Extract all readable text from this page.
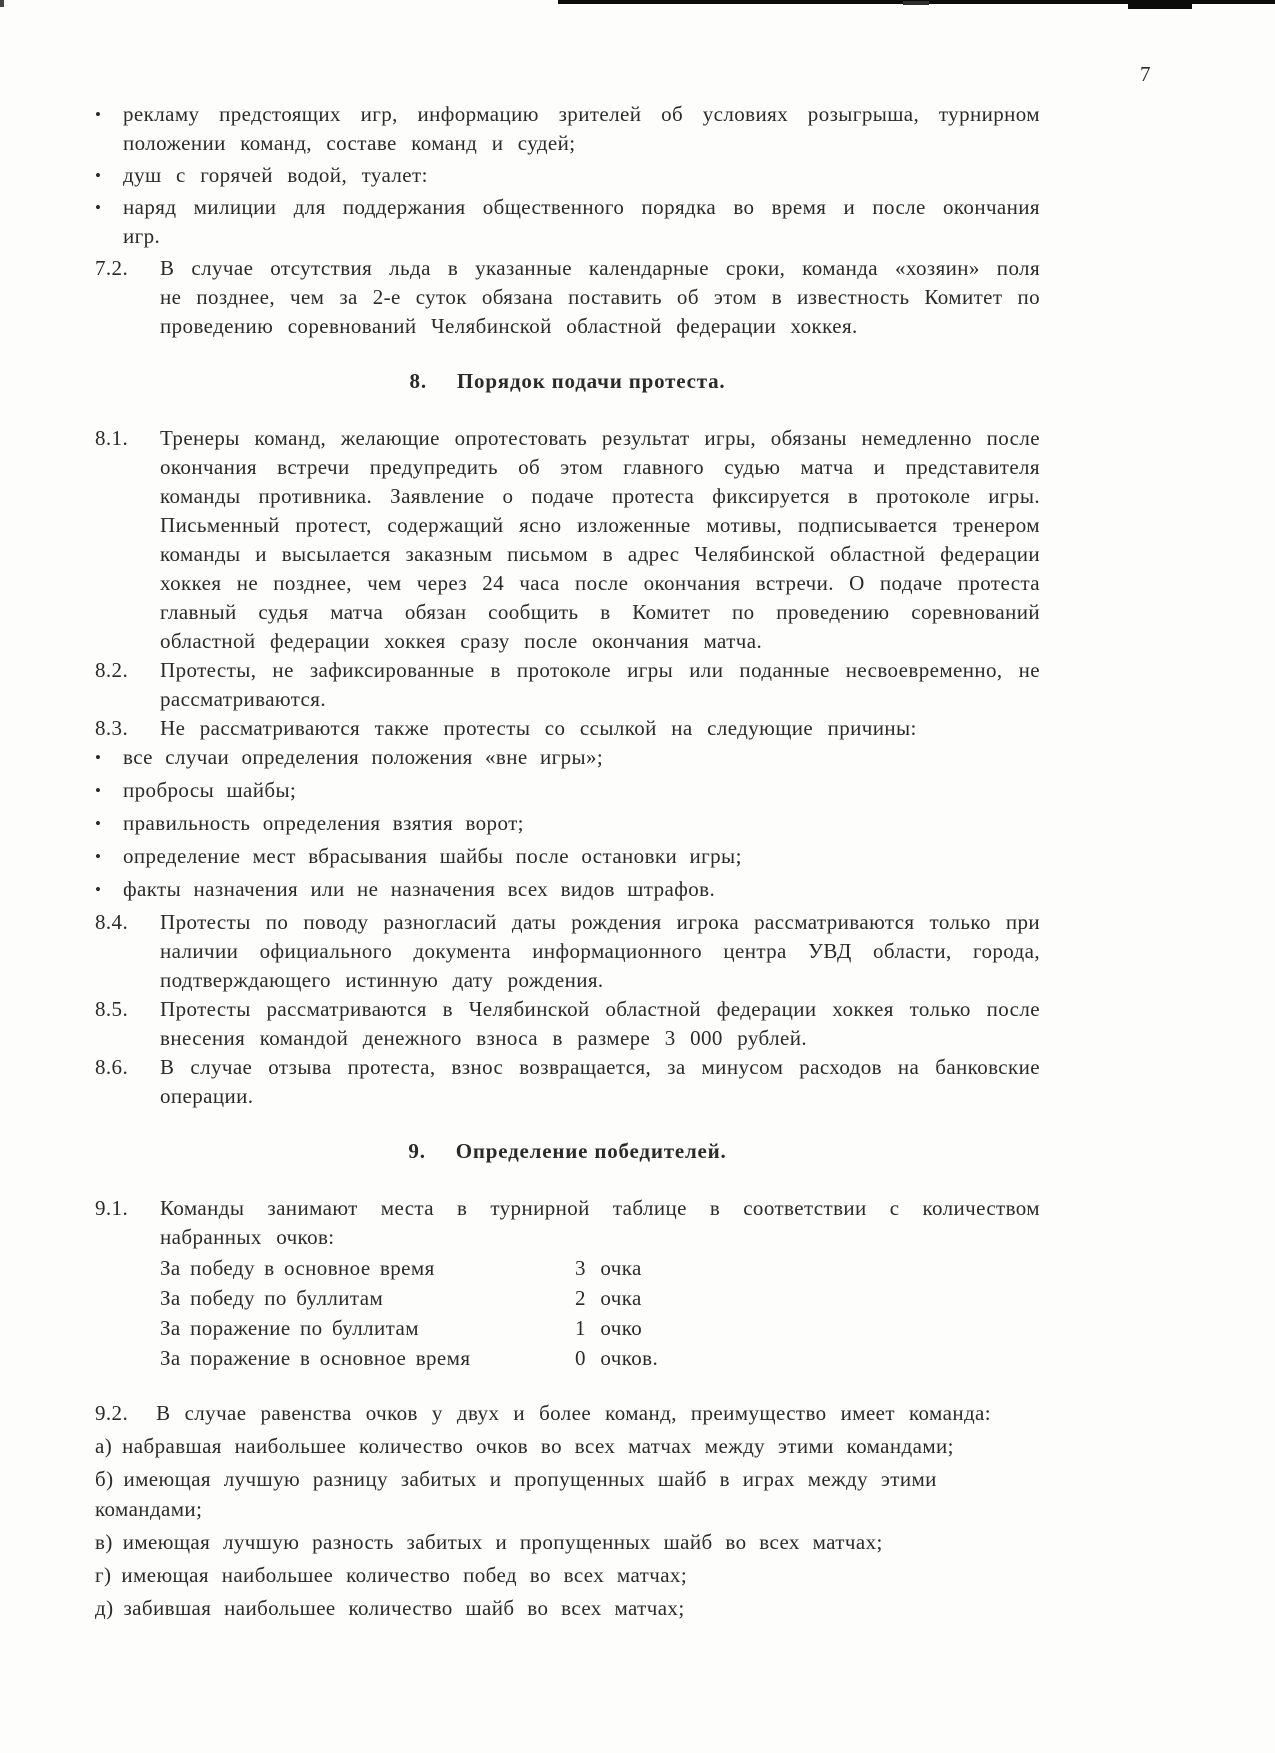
7
•	рекламу предстоящих игр, информацию зрителей об условиях розыгрыша, турнирном положении команд, составе команд и судей;
•	душ с горячей водой, туалет:
•	наряд милиции для поддержания общественного порядка во время и после окончания игр.
7.2.	В случае отсутствия льда в указанные календарные сроки, команда «хозяин» поля не позднее, чем за 2-е суток обязана поставить об этом в известность Комитет по проведению соревнований Челябинской областной федерации хоккея.
8. Порядок подачи протеста.
8.1.	Тренеры команд, желающие опротестовать результат игры, обязаны немедленно после окончания встречи предупредить об этом главного судью матча и представителя команды противника. Заявление о подаче протеста фиксируется в протоколе игры. Письменный протест, содержащий ясно изложенные мотивы, подписывается тренером команды и высылается заказным письмом в адрес Челябинской областной федерации хоккея не позднее, чем через 24 часа после окончания встречи. О подаче протеста главный судья матча обязан сообщить в Комитет по проведению соревнований областной федерации хоккея сразу после окончания матча.
8.2.	Протесты, не зафиксированные в протоколе игры или поданные несвоевременно, не рассматриваются.
8.3.	Не рассматриваются также протесты со ссылкой на следующие причины:
•	все случаи определения положения «вне игры»;
•	пробросы шайбы;
•	правильность определения взятия ворот;
•	определение мест вбрасывания шайбы после остановки игры;
•	факты назначения или не назначения всех видов штрафов.
8.4.	Протесты по поводу разногласий даты рождения игрока рассматриваются только при наличии официального документа информационного центра УВД области, города, подтверждающего истинную дату рождения.
8.5.	Протесты рассматриваются в Челябинской областной федерации хоккея только после внесения командой денежного взноса в размере 3 000 рублей.
8.6.	В случае отзыва протеста, взнос возвращается, за минусом расходов на банковские операции.
9. Определение победителей.
9.1.	Команды занимают места в турнирной таблице в соответствии с количеством набранных очков:
За победу в основное время	3 очка
За победу по буллитам	2 очка
За поражение по буллитам	1 очко
За поражение в основное время	0 очков.

9.2. В случае равенства очков у двух и более команд, преимущество имеет команда:

а) набравшая наибольшее количество очков во всех матчах между этими командами;

б) имеющая лучшую разницу забитых и пропущенных шайб в играх между этими командами;

в) имеющая лучшую разность забитых и пропущенных шайб во всех матчах;

г) имеющая наибольшее количество побед во всех матчах;

д) забившая наибольшее количество шайб во всех матчах;
